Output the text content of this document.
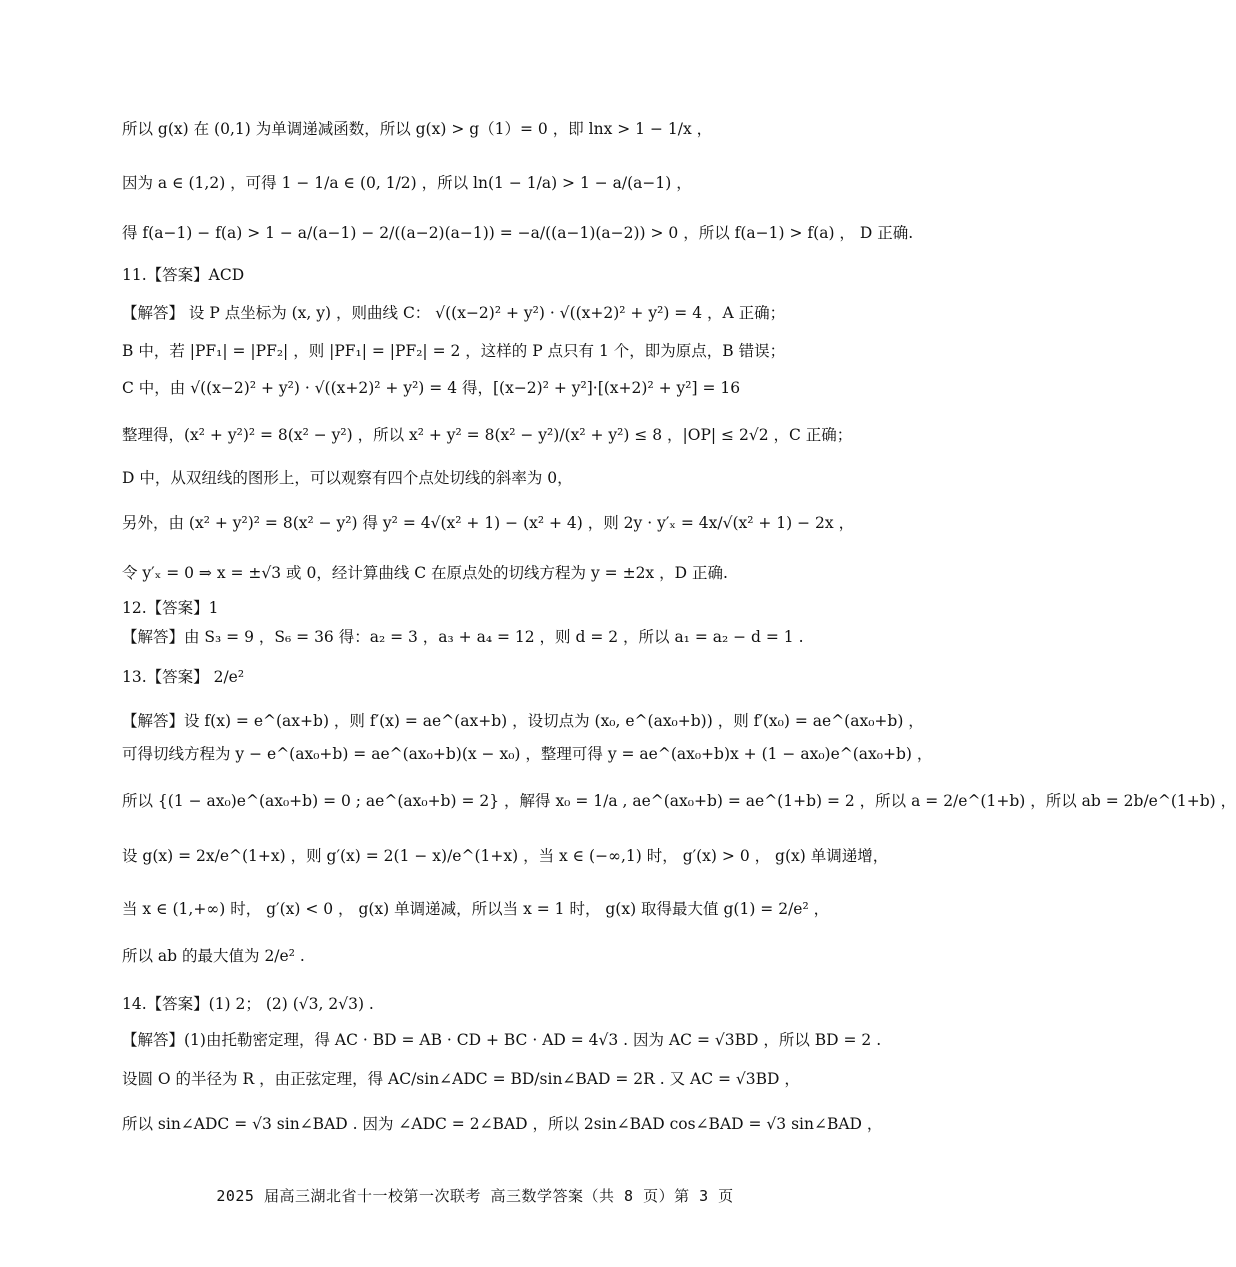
所以 g(x) 在 (0,1) 为单调递减函数，所以 g(x) > g（1）= 0 ，即 lnx > 1 − 1/x ，
因为 a ∈ (1,2) ，可得 1 − 1/a ∈ (0, 1/2) ，所以 ln(1 − 1/a) > 1 − a/(a−1) ，
得 f(a−1) − f(a) > 1 − a/(a−1) − 2/((a−2)(a−1)) = −a/((a−1)(a−2)) > 0 ，所以 f(a−1) > f(a) ， D 正确.
11.【答案】ACD
【解答】 设 P 点坐标为 (x, y) ，则曲线 C： √((x−2)² + y²) · √((x+2)² + y²) = 4 ，A 正确；
B 中，若 |PF₁| = |PF₂| ，则 |PF₁| = |PF₂| = 2 ，这样的 P 点只有 1 个，即为原点，B 错误；
C 中，由 √((x−2)² + y²) · √((x+2)² + y²) = 4 得，[(x−2)² + y²]·[(x+2)² + y²] = 16
整理得，(x² + y²)² = 8(x² − y²) ，所以 x² + y² = 8(x² − y²)/(x² + y²) ≤ 8 ，|OP| ≤ 2√2 ，C 正确；
D 中，从双纽线的图形上，可以观察有四个点处切线的斜率为 0，
另外，由 (x² + y²)² = 8(x² − y²) 得 y² = 4√(x² + 1) − (x² + 4) ，则 2y · y′ₓ = 4x/√(x² + 1) − 2x ，
令 y′ₓ = 0 ⇒ x = ±√3 或 0，经计算曲线 C 在原点处的切线方程为 y = ±2x ，D 正确.
12.【答案】1
【解答】由 S₃ = 9 ，S₆ = 36 得：a₂ = 3 ，a₃ + a₄ = 12 ，则 d = 2 ，所以 a₁ = a₂ − d = 1 .
13.【答案】 2/e²
【解答】设 f(x) = e^(ax+b) ，则 f′(x) = ae^(ax+b) ，设切点为 (x₀, e^(ax₀+b)) ，则 f′(x₀) = ae^(ax₀+b) ，
可得切线方程为 y − e^(ax₀+b) = ae^(ax₀+b)(x − x₀) ，整理可得 y = ae^(ax₀+b)x + (1 − ax₀)e^(ax₀+b) ，
所以 {(1 − ax₀)e^(ax₀+b) = 0 ; ae^(ax₀+b) = 2} ，解得 x₀ = 1/a , ae^(ax₀+b) = ae^(1+b) = 2 ，所以 a = 2/e^(1+b) ，所以 ab = 2b/e^(1+b) ，
设 g(x) = 2x/e^(1+x) ，则 g′(x) = 2(1 − x)/e^(1+x) ，当 x ∈ (−∞,1) 时， g′(x) > 0 ， g(x) 单调递增，
当 x ∈ (1,+∞) 时， g′(x) < 0 ， g(x) 单调递减，所以当 x = 1 时， g(x) 取得最大值 g(1) = 2/e² ，
所以 ab 的最大值为 2/e² .
14.【答案】(1) 2； (2) (√3, 2√3) .
【解答】(1)由托勒密定理，得 AC · BD = AB · CD + BC · AD = 4√3 . 因为 AC = √3BD ，所以 BD = 2 .
设圆 O 的半径为 R ，由正弦定理，得 AC/sin∠ADC = BD/sin∠BAD = 2R . 又 AC = √3BD ，
所以 sin∠ADC = √3 sin∠BAD . 因为 ∠ADC = 2∠BAD ，所以 2sin∠BAD cos∠BAD = √3 sin∠BAD ，
2025 届高三湖北省十一校第一次联考 高三数学答案（共 8 页）第 3 页
